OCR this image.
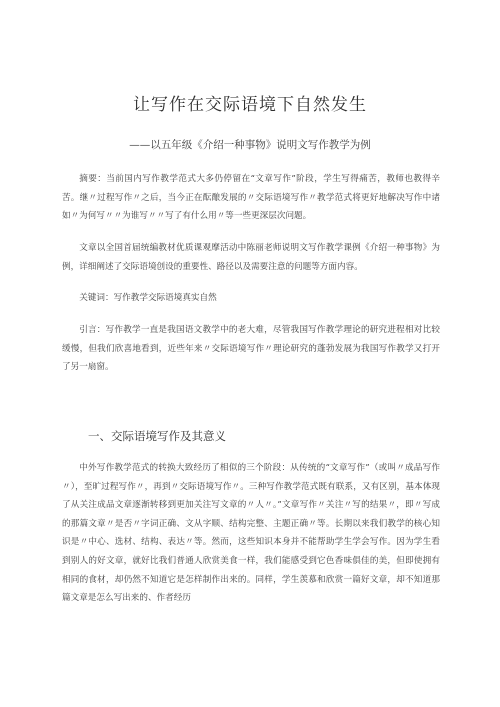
让写作在交际语境下自然发生
——以五年级《介绍一种事物》说明文写作教学为例

摘要：当前国内写作教学范式大多仍停留在“文章写作”阶段，学生写得痛苦，教师也教得辛苦。继〃过程写作〃之后，当今正在酝酿发展的〃交际语境写作〃教学范式将更好地解决写作中诸如〃为何写〃〃为谁写〃〃写了有什么用〃等一些更深层次问题。

文章以全国首届统编教材优质课观摩活动中陈丽老师说明文写作教学课例《介绍一种事物》为例，详细阐述了交际语境创设的重要性、路径以及需要注意的问题等方面内容。

关键词：写作教学交际语境真实自然

引言：写作教学一直是我国语文教学中的老大难，尽管我国写作教学理论的研究进程相对比较缓慢，但我们欣喜地看到，近些年来〃交际语境写作〃理论研究的蓬勃发展为我国写作教学又打开了另一扇窗。

一、交际语境写作及其意义

中外写作教学范式的转换大致经历了相似的三个阶段：从传统的“文章写作”（或叫〃成品写作〃），至旷过程写作〃，再到〃交际语境写作〃。三种写作教学范式既有联系，又有区别，基本体现了从关注成品文章逐渐转移到更加关注写文章的〃人〃。”文章写作〃关注〃写的结果〃，即〃写成的那篇文章〃是否〃字词正确、文从字顺、结构完整、主题正确〃等。长期以来我们教学的核心知识是〃中心、选材、结构、表达〃等。然而，这些知识本身并不能帮助学生学会写作。因为学生看到别人的好文章，就好比我们普通人欣赏美食一样，我们能感受到它色香味俱佳的美，但即使拥有相同的食材，却仍然不知道它是怎样制作出来的。同样，学生羡慕和欣赏一篇好文章，却不知道那篇文章是怎么写出来的、作者经历
